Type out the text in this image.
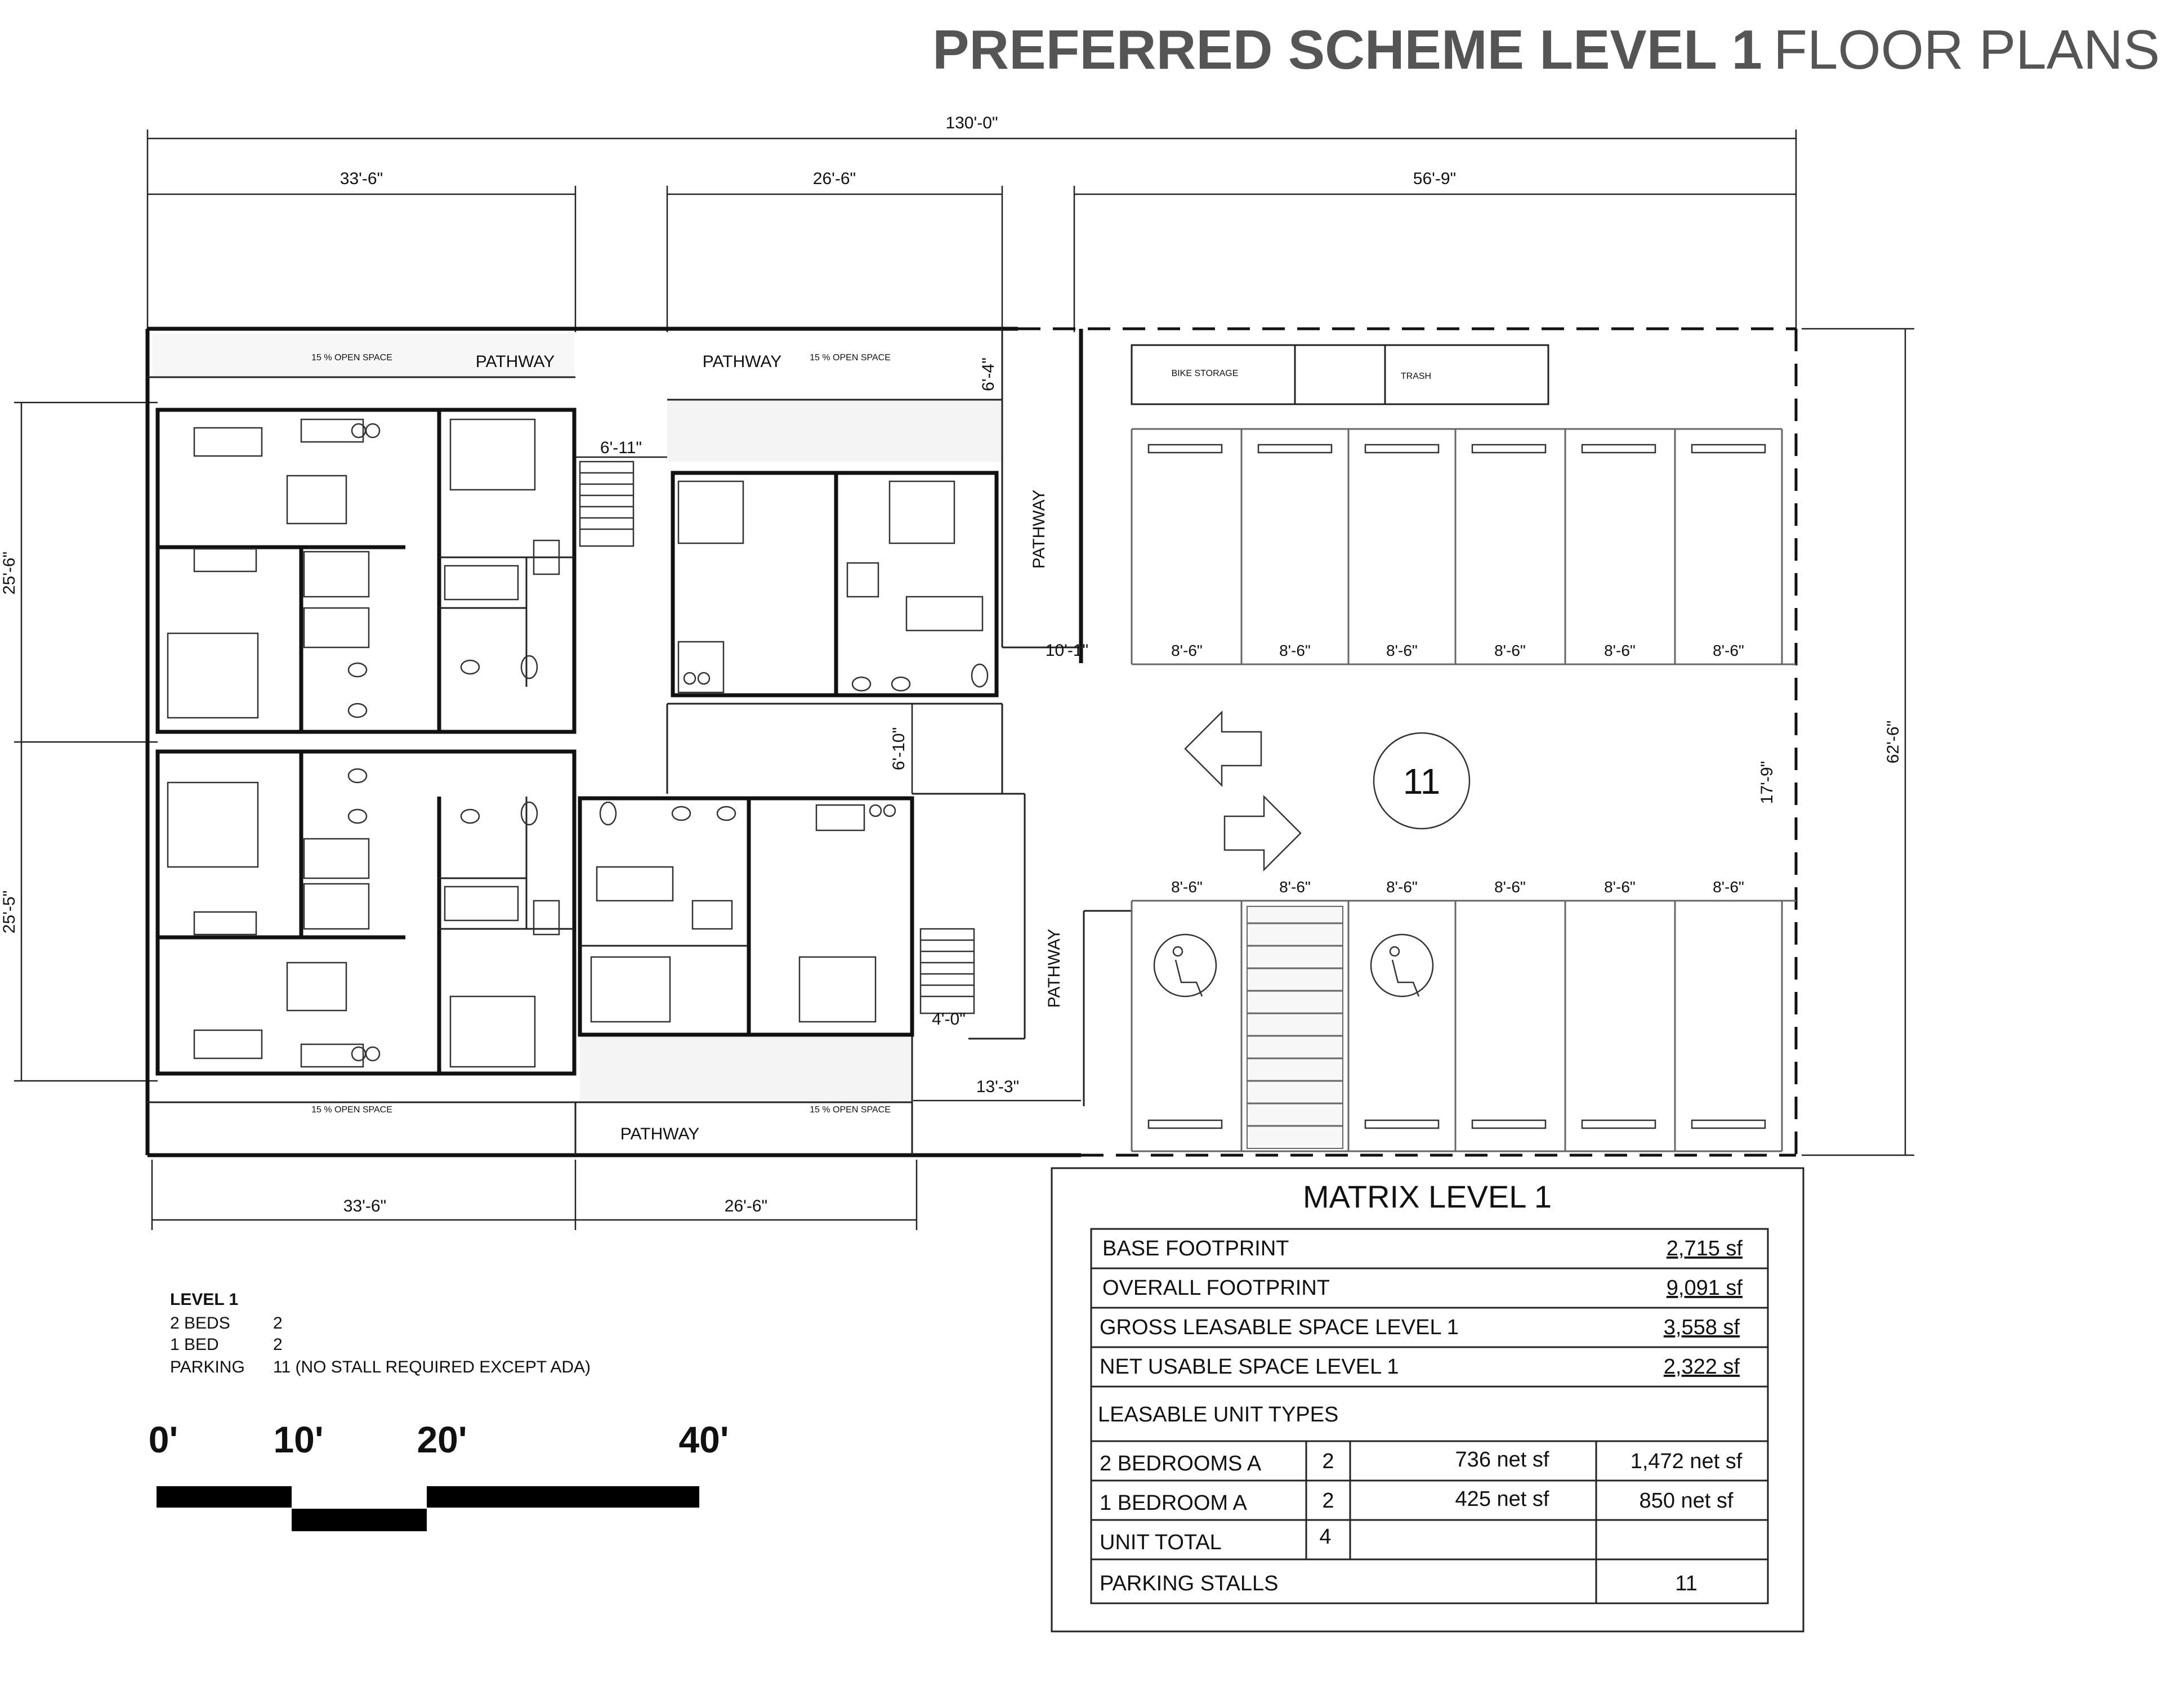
PREFERRED SCHEME LEVEL 1 FLOOR PLANS
130'-0"
33'-6"	26'-6"	56'-9"
25'-6"
25'-5"
62'-6"
15 % OPEN SPACE	PATHWAY	PATHWAY	15 % OPEN SPACE	6'-4"
15 % OPEN SPACE	15 % OPEN SPACE
PATHWAY
PATHWAY
10'-1"
PATHWAY
13'-3"
6'-11"
6'-10"
4'-0"
BIKE STORAGE	TRASH
11	17'-9"
8'-6"	8'-6"	8'-6"	8'-6"	8'-6"	8'-6"
8'-6"	8'-6"	8'-6"	8'-6"	8'-6"	8'-6"
33'-6"	26'-6"
LEVEL 1
2 BEDS	2
1 BED	2
PARKING 11 (NO STALL REQUIRED EXCEPT ADA)
0'	10'	20'	40'
MATRIX LEVEL 1
BASE FOOTPRINT	2,715 sf
OVERALL FOOTPRINT	9,091 sf
GROSS LEASABLE SPACE LEVEL 1	3,558 sf
NET USABLE SPACE LEVEL 1	2,322 sf
LEASABLE UNIT TYPES
2 BEDROOMS A	2	736 net sf	1,472 net sf
1 BEDROOM A	2	425 net sf	850 net sf
UNIT TOTAL	4
PARKING STALLS	11
